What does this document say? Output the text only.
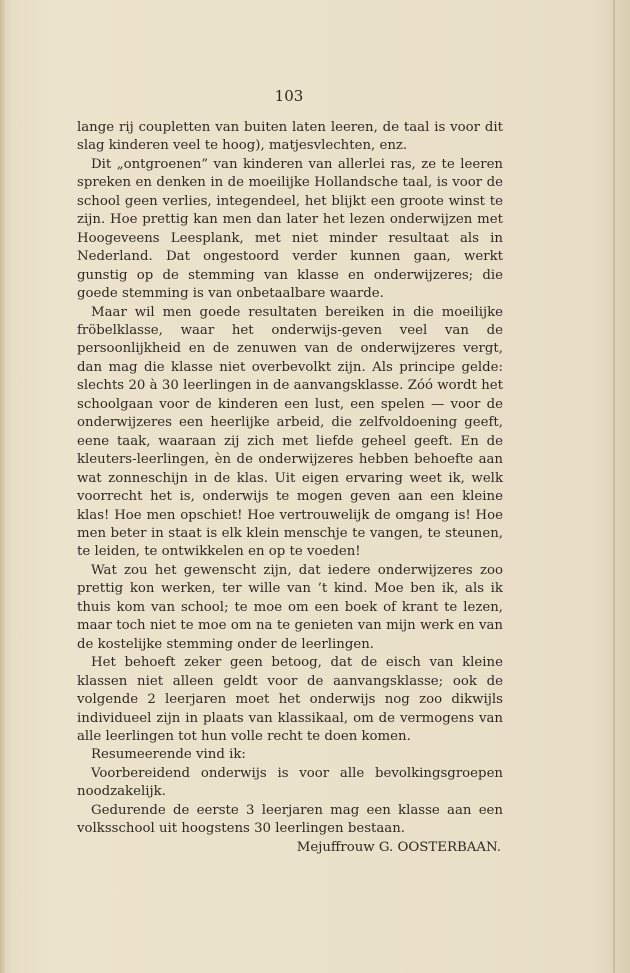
103

lange rij coupletten van buiten laten leeren, de taal is voor dit slag kinderen veel te hoog), matjesvlechten, enz.

Dit „ontgroenen” van kinderen van allerlei ras, ze te leeren spreken en denken in de moeilijke Hollandsche taal, is voor de school geen verlies, integendeel, het blijkt een groote winst te zijn. Hoe prettig kan men dan later het lezen onderwijzen met Hoogeveens Leesplank, met niet minder resultaat als in Nederland. Dat ongestoord verder kunnen gaan, werkt gunstig op de stemming van klasse en onderwijzeres; die goede stemming is van onbetaalbare waarde.

Maar wil men goede resultaten bereiken in die moeilijke fröbelklasse, waar het onderwijs-geven veel van de persoonlijkheid en de zenuwen van de onderwijzeres vergt, dan mag die klasse niet overbevolkt zijn. Als principe gelde: slechts 20 à 30 leerlingen in de aanvangsklasse. Zóó wordt het schoolgaan voor de kinderen een lust, een spelen — voor de onderwijzeres een heerlijke arbeid, die zelfvoldoening geeft, eene taak, waaraan zij zich met liefde geheel geeft. En de kleuters-leerlingen, èn de onderwijzeres hebben behoefte aan wat zonneschijn in de klas. Uit eigen ervaring weet ik, welk voorrecht het is, onderwijs te mogen geven aan een kleine klas! Hoe men opschiet! Hoe vertrouwelijk de omgang is! Hoe men beter in staat is elk klein menschje te vangen, te steunen, te leiden, te ontwikkelen en op te voeden!

Wat zou het gewenscht zijn, dat iedere onderwijzeres zoo prettig kon werken, ter wille van ’t kind. Moe ben ik, als ik thuis kom van school; te moe om een boek of krant te lezen, maar toch niet te moe om na te genieten van mijn werk en van de kostelijke stemming onder de leerlingen.

Het behoeft zeker geen betoog, dat de eisch van kleine klassen niet alleen geldt voor de aanvangsklasse; ook de volgende 2 leerjaren moet het onderwijs nog zoo dikwijls individueel zijn in plaats van klassikaal, om de vermogens van alle leerlingen tot hun volle recht te doen komen.

Resumeerende vind ik:

Voorbereidend onderwijs is voor alle bevolkingsgroepen noodzakelijk.

Gedurende de eerste 3 leerjaren mag een klasse aan een volksschool uit hoogstens 30 leerlingen bestaan.

Mejuffrouw G. OOSTERBAAN.
